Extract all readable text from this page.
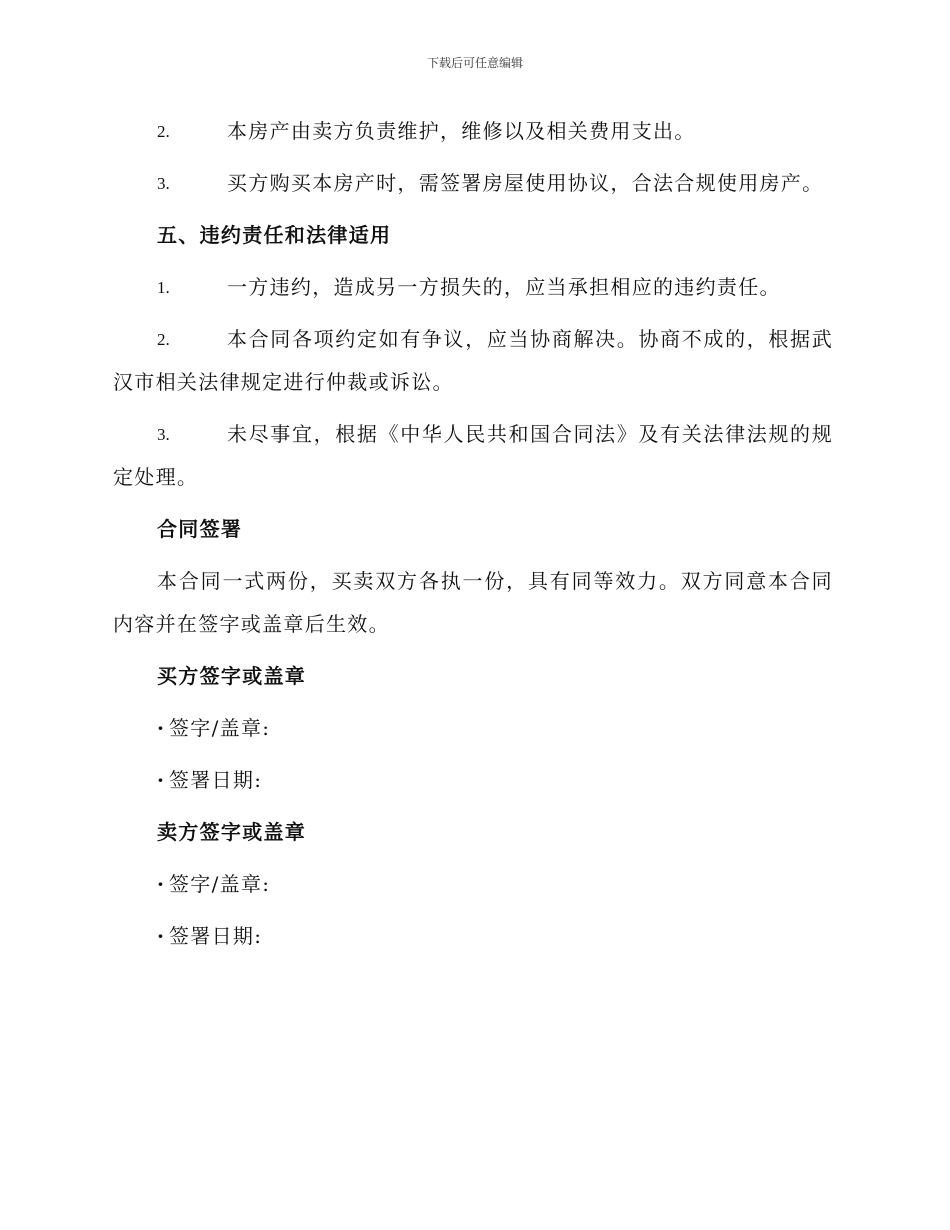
下载后可任意编辑
2.	本房产由卖方负责维护，维修以及相关费用支出。
3.	买方购买本房产时，需签署房屋使用协议，合法合规使用房产。
五、违约责任和法律适用
1.	一方违约，造成另一方损失的，应当承担相应的违约责任。
2.	本合同各项约定如有争议，应当协商解决。协商不成的，根据武汉市相关法律规定进行仲裁或诉讼。
3.	未尽事宜，根据《中华人民共和国合同法》及有关法律法规的规定处理。
合同签署
本合同一式两份，买卖双方各执一份，具有同等效力。双方同意本合同内容并在签字或盖章后生效。
买方签字或盖章
· 签字/盖章:
· 签署日期:
卖方签字或盖章
· 签字/盖章:
· 签署日期:
